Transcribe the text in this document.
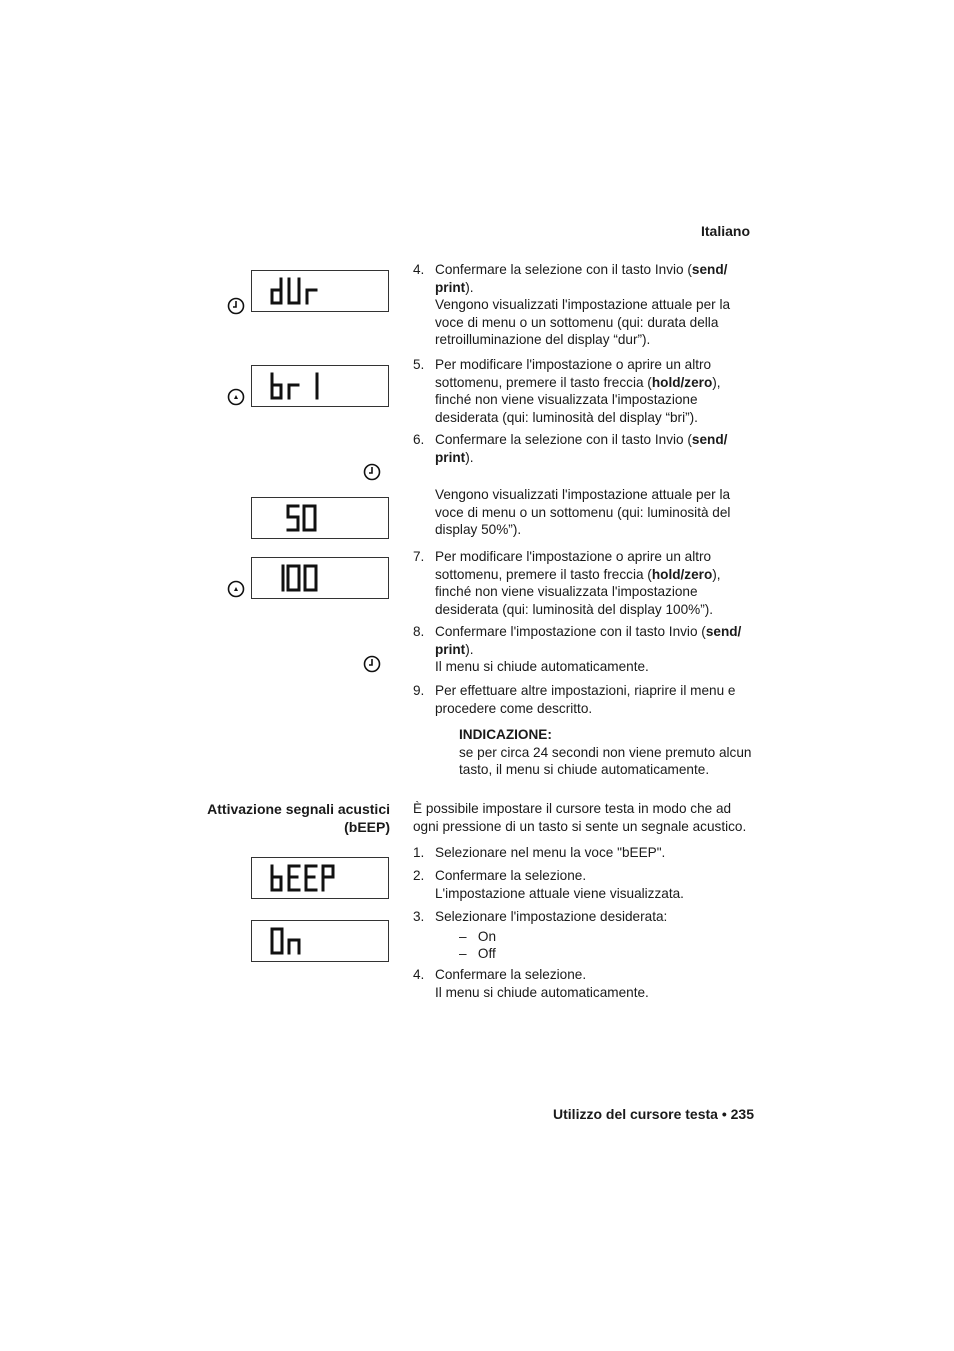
Italiano
4. Confermare la selezione con il tasto Invio (send/ print).

Vengono visualizzati l'impostazione attuale per la voce di menu o un sottomenu (qui: durata della retroilluminazione del display “dur”).

5. Per modificare l'impostazione o aprire un altro sottomenu, premere il tasto freccia (hold/zero), finché non viene visualizzata l'impostazione desiderata (qui: luminosità del display “bri”).

6. Confermare la selezione con il tasto Invio (send/ print).

Vengono visualizzati l'impostazione attuale per la voce di menu o un sottomenu (qui: luminosità del display 50%”).

7. Per modificare l'impostazione o aprire un altro sottomenu, premere il tasto freccia (hold/zero), finché non viene visualizzata l'impostazione desiderata (qui: luminosità del display 100%”).

8. Confermare l'impostazione con il tasto Invio (send/ print).

Il menu si chiude automaticamente.

9. Per effettuare altre impostazioni, riaprire il menu e procedere come descritto.

INDICAZIONE:
se per circa 24 secondi non viene premuto alcun tasto, il menu si chiude automaticamente.
Attivazione segnali acustici (bEEP)
È possibile impostare il cursore testa in modo che ad ogni pressione di un tasto si sente un segnale acustico.
1. Selezionare nel menu la voce "bEEP".

2. Confermare la selezione.

L'impostazione attuale viene visualizzata.

3. Selezionare l'impostazione desiderata:

–   On
–   Off
4. Confermare la selezione.

Il menu si chiude automaticamente.

Utilizzo del cursore testa • 235
